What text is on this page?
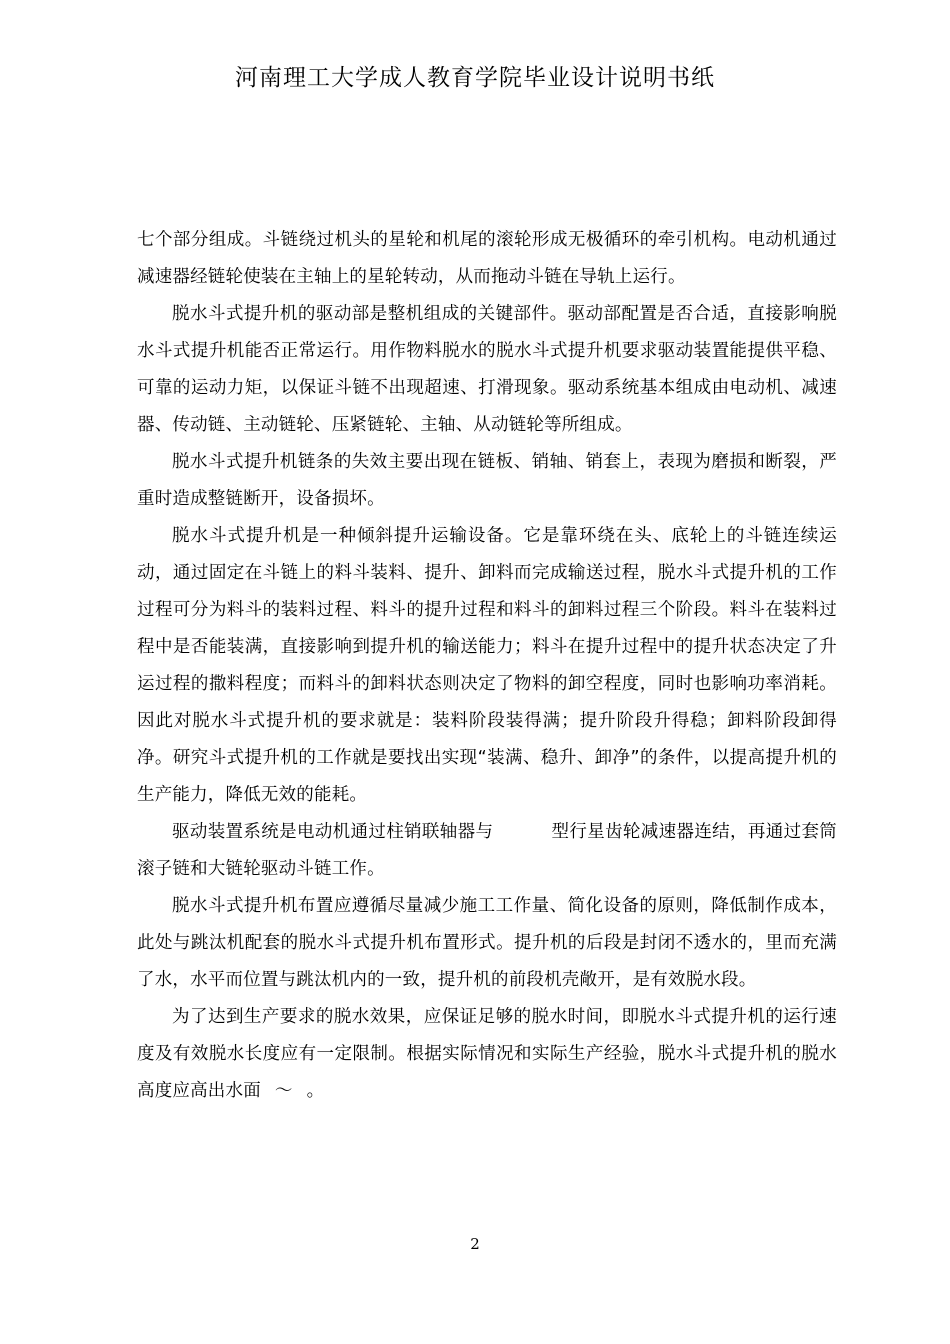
河南理工大学成人教育学院毕业设计说明书纸

七个部分组成。斗链绕过机头的星轮和机尾的滚轮形成无极循环的牵引机构。电动机通过减速器经链轮使装在主轴上的星轮转动，从而拖动斗链在导轨上运行。

脱水斗式提升机的驱动部是整机组成的关键部件。驱动部配置是否合适，直接影响脱水斗式提升机能否正常运行。用作物料脱水的脱水斗式提升机要求驱动装置能提供平稳、可靠的运动力矩，以保证斗链不出现超速、打滑现象。驱动系统基本组成由电动机、减速器、传动链、主动链轮、压紧链轮、主轴、从动链轮等所组成。

脱水斗式提升机链条的失效主要出现在链板、销轴、销套上，表现为磨损和断裂，严重时造成整链断开，设备损坏。

脱水斗式提升机是一种倾斜提升运输设备。它是靠环绕在头、底轮上的斗链连续运动，通过固定在斗链上的料斗装料、提升、卸料而完成输送过程，脱水斗式提升机的工作过程可分为料斗的装料过程、料斗的提升过程和料斗的卸料过程三个阶段。料斗在装料过程中是否能装满，直接影响到提升机的输送能力；料斗在提升过程中的提升状态决定了升运过程的撒料程度；而料斗的卸料状态则决定了物料的卸空程度，同时也影响功率消耗。因此对脱水斗式提升机的要求就是：装料阶段装得满；提升阶段升得稳；卸料阶段卸得净。研究斗式提升机的工作就是要找出实现“装满、稳升、卸净”的条件，以提高提升机的生产能力，降低无效的能耗。

驱动装置系统是电动机通过柱销联轴器与	型行星齿轮减速器连结，再通过套筒滚子链和大链轮驱动斗链工作。

脱水斗式提升机布置应遵循尽量减少施工工作量、简化设备的原则，降低制作成本，此处与跳汰机配套的脱水斗式提升机布置形式。提升机的后段是封闭不透水的，里而充满了水，水平而位置与跳汰机内的一致，提升机的前段机壳敞开，是有效脱水段。

为了达到生产要求的脱水效果，应保证足够的脱水时间，即脱水斗式提升机的运行速度及有效脱水长度应有一定限制。根据实际情况和实际生产经验，脱水斗式提升机的脱水高度应高出水面 ～ 。

2
